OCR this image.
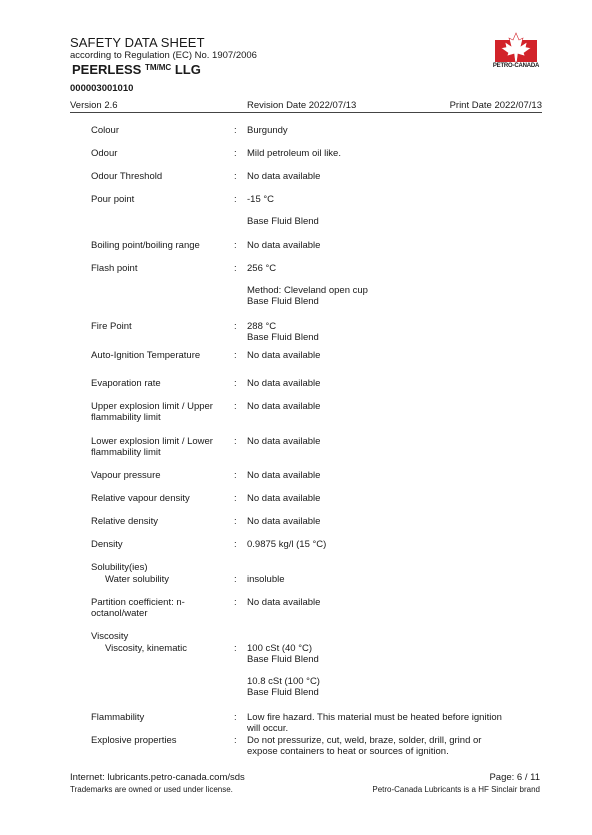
SAFETY DATA SHEET
according to Regulation (EC) No. 1907/2006
PEERLESS $^{TM/MC}$ LLG
000003001010
PETRO-CANADA
Version 2.6	Revision Date 2022/07/13	Print Date 2022/07/13
Colour	: Burgundy
Odour	: Mild petroleum oil like.
Odour Threshold	: No data available
Pour point	: -15 °C

Base Fluid Blend
Boiling point/boiling range	: No data available
Flash point	: 256 °C

Method: Cleveland open cup
Base Fluid Blend
Fire Point	: 288 °C
Base Fluid Blend
Auto-Ignition Temperature	: No data available
Evaporation rate	: No data available
Upper explosion limit / Upper
flammability limit
: No data available
Lower explosion limit / Lower
flammability limit
: No data available
Vapour pressure	: No data available
Relative vapour density	: No data available
Relative density	: No data available
Density	: 0.9875 kg/l (15 °C)
Solubility(ies)
Water solubility	: insoluble
Partition coefficient: n-
octanol/water
: No data available
Viscosity
Viscosity, kinematic	: 100 cSt (40 °C)
Base Fluid Blend

10.8 cSt (100 °C)
Base Fluid Blend
Flammability	: Low fire hazard. This material must be heated before ignition
will occur.
Explosive properties	: Do not pressurize, cut, weld, braze, solder, drill, grind or
expose containers to heat or sources of ignition.
Internet: lubricants.petro-canada.com/sds
Trademarks are owned or used under license.
Page: 6 / 11
Petro-Canada Lubricants is a HF Sinclair brand
